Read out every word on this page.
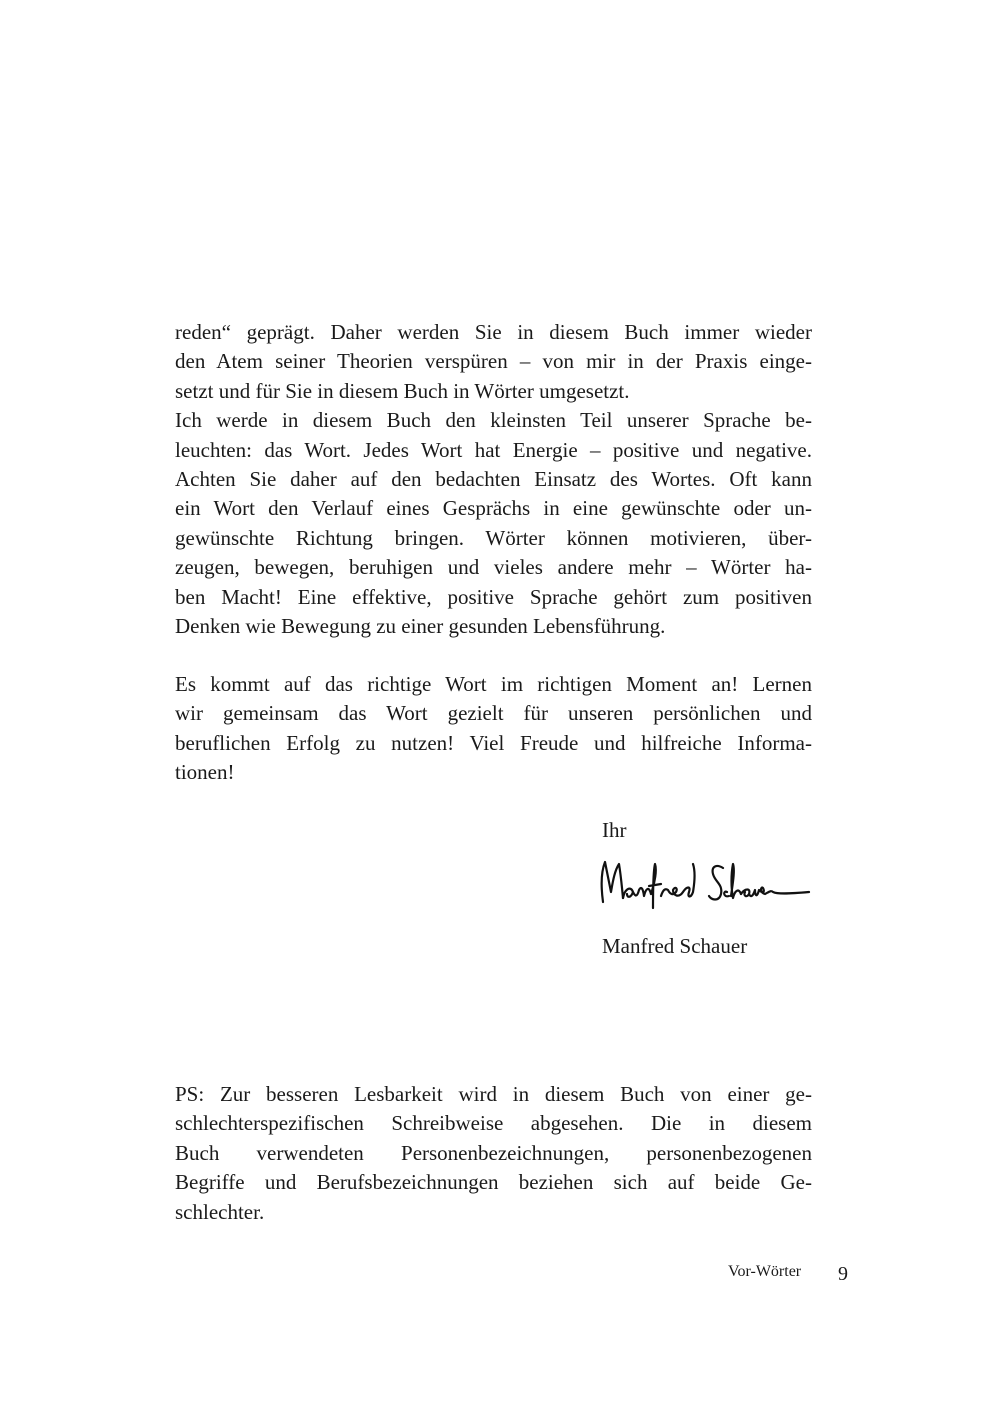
reden“ geprägt. Daher werden Sie in diesem Buch immer wieder
den Atem seiner Theorien verspüren – von mir in der Praxis einge-
setzt und für Sie in diesem Buch in Wörter umgesetzt.

Ich werde in diesem Buch den kleinsten Teil unserer Sprache be-
leuchten: das Wort. Jedes Wort hat Energie – positive und negative.
Achten Sie daher auf den bedachten Einsatz des Wortes. Oft kann
ein Wort den Verlauf eines Gesprächs in eine gewünschte oder un-
gewünschte Richtung bringen. Wörter können motivieren, über-
zeugen, bewegen, beruhigen und vieles andere mehr – Wörter ha-
ben Macht! Eine effektive, positive Sprache gehört zum positiven
Denken wie Bewegung zu einer gesunden Lebensführung.

Es kommt auf das richtige Wort im richtigen Moment an! Lernen
wir gemeinsam das Wort gezielt für unseren persönlichen und
beruflichen Erfolg zu nutzen! Viel Freude und hilfreiche Informa-
tionen!

Ihr
Manfred Schauer

PS: Zur besseren Lesbarkeit wird in diesem Buch von einer ge-
schlechterspezifischen Schreibweise abgesehen. Die in diesem
Buch verwendeten Personenbezeichnungen, personenbezogenen
Begriffe und Berufsbezeichnungen beziehen sich auf beide Ge-
schlechter.

Vor-Wörter 9
